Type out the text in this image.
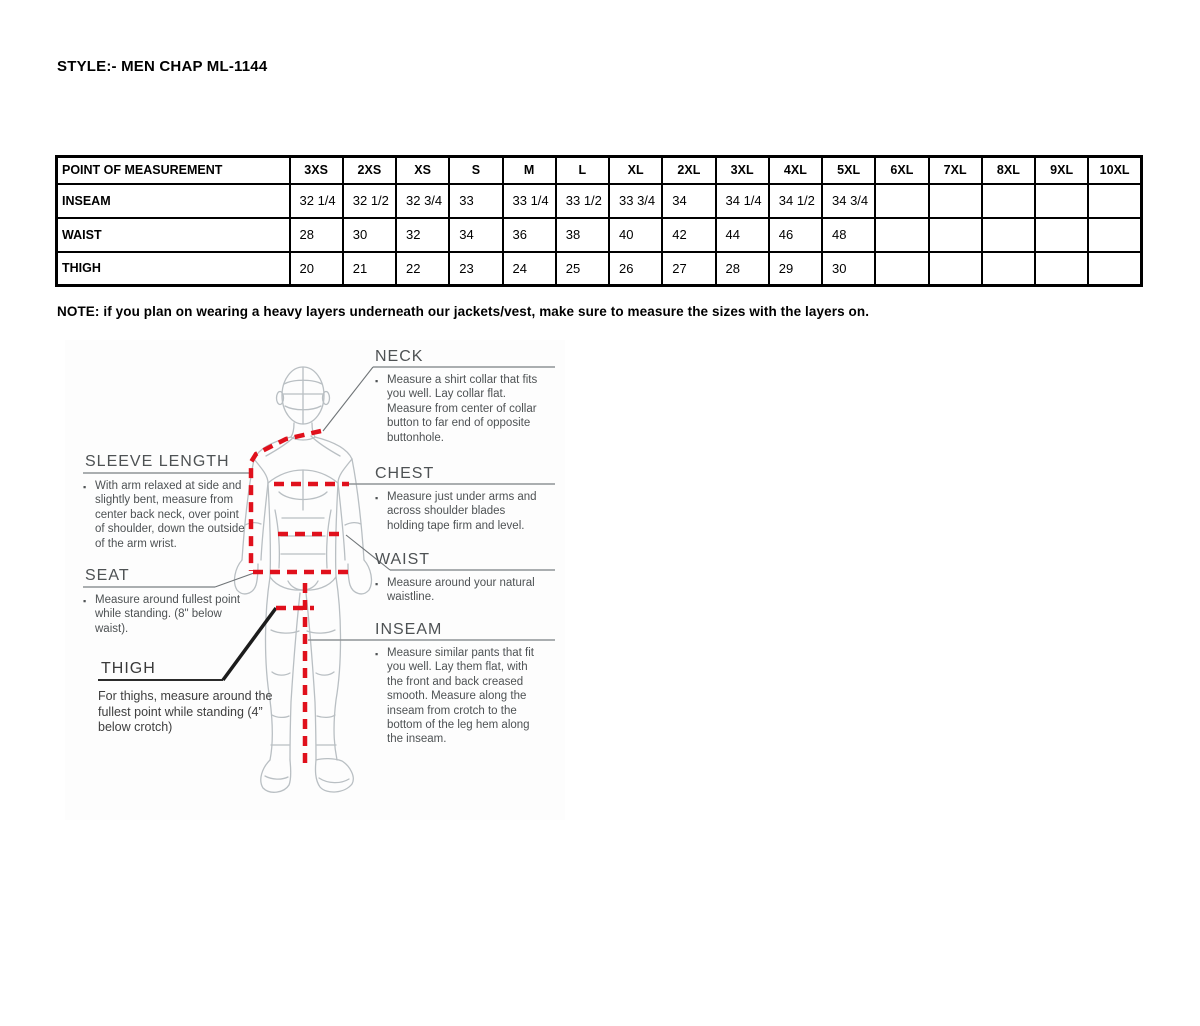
STYLE:- MEN CHAP ML-1144
POINT OF MEASUREMENT	3XS	2XS	XS	S	M	L	XL	2XL	3XL	4XL	5XL	6XL	7XL	8XL	9XL	10XL
INSEAM	32 1/4	32 1/2	32 3/4	33	33 1/4	33 1/2	33 3/4	34	34 1/4	34 1/2	34 3/4					
WAIST	28	30	32	34	36	38	40	42	44	46	48					
THIGH	20	21	22	23	24	25	26	27	28	29	30					
NOTE: if you plan on wearing a heavy layers underneath our jackets/vest, make sure to measure the sizes with the layers on.
NECK
▪
Measure a shirt collar that fits you well. Lay collar flat. Measure from center of collar button to far end of opposite buttonhole.
SLEEVE LENGTH
▪
With arm relaxed at side and slightly bent, measure from center back neck, over point of shoulder, down the outside of the arm wrist.
CHEST
▪
Measure just under arms and across shoulder blades holding tape firm and level.
SEAT
▪
Measure around fullest point while standing. (8" below waist).
WAIST
▪
Measure around your natural waistline.
THIGH
For thighs, measure around the fullest point while standing (4” below crotch)
INSEAM
▪
Measure similar pants that fit you well. Lay them flat, with the front and back creased smooth. Measure along the inseam from crotch to the bottom of the leg hem along the inseam.
